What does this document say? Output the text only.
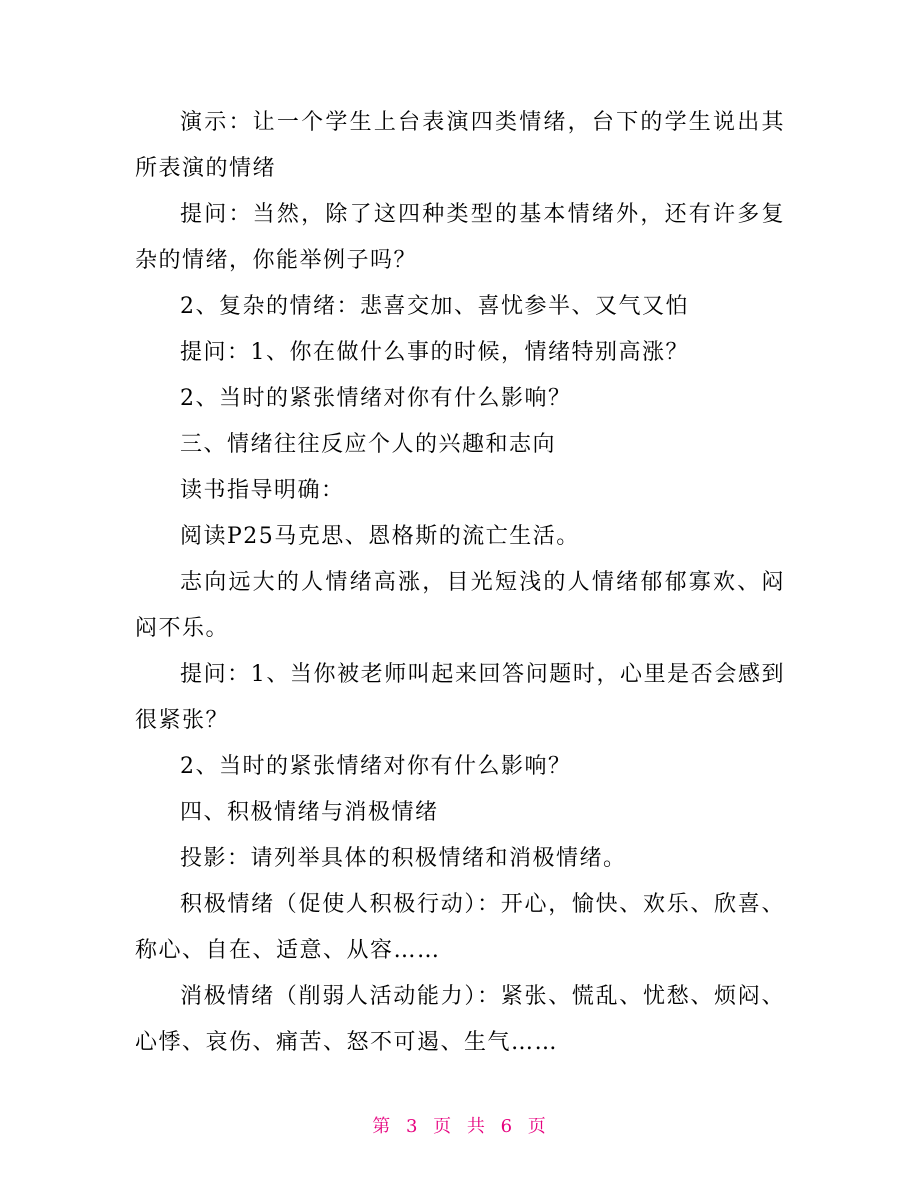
演示：让一个学生上台表演四类情绪，台下的学生说出其所表演的情绪

提问：当然，除了这四种类型的基本情绪外，还有许多复杂的情绪，你能举例子吗？

2、复杂的情绪：悲喜交加、喜忧参半、又气又怕

提问：1、你在做什么事的时候，情绪特别高涨？

2、当时的紧张情绪对你有什么影响？

三、情绪往往反应个人的兴趣和志向

读书指导明确：

阅读P25马克思、恩格斯的流亡生活。

志向远大的人情绪高涨，目光短浅的人情绪郁郁寡欢、闷闷不乐。

提问：1、当你被老师叫起来回答问题时，心里是否会感到很紧张？

2、当时的紧张情绪对你有什么影响？

四、积极情绪与消极情绪

投影：请列举具体的积极情绪和消极情绪。

积极情绪（促使人积极行动）：开心，愉快、欢乐、欣喜、称心、自在、适意、从容……

消极情绪（削弱人活动能力）：紧张、慌乱、忧愁、烦闷、心悸、哀伤、痛苦、怒不可遏、生气……

第 3 页 共 6 页
